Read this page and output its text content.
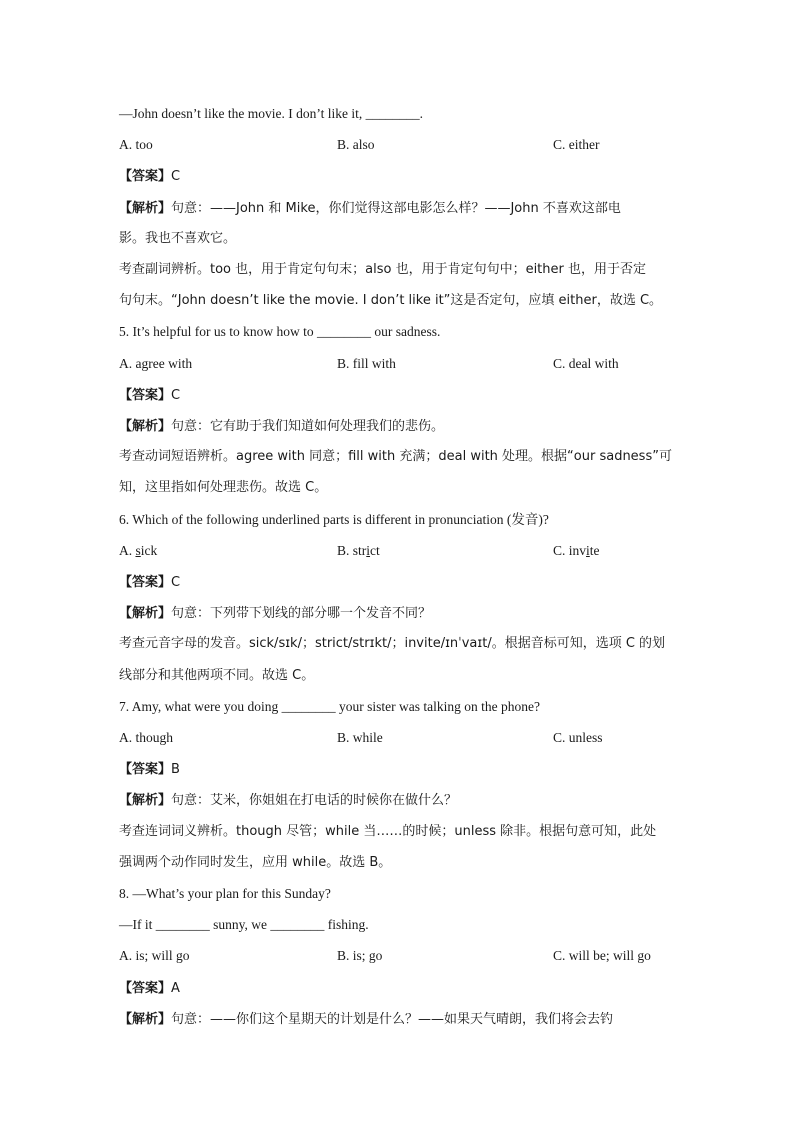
—John doesn’t like the movie. I don’t like it, ________.
A. too	B. also	C. either
【答案】C
【解析】句意：——John 和 Mike，你们觉得这部电影怎么样？——John 不喜欢这部电
影。我也不喜欢它。
考查副词辨析。too 也，用于肯定句句末；also 也，用于肯定句句中；either 也，用于否定
句句末。“John doesn’t like the movie. I don’t like it”这是否定句，应填 either，故选 C。
5. It’s helpful for us to know how to ________ our sadness.
A. agree with	B. fill with	C. deal with
【答案】C
【解析】句意：它有助于我们知道如何处理我们的悲伤。
考查动词短语辨析。agree with 同意；fill with 充满；deal with 处理。根据“our sadness”可
知，这里指如何处理悲伤。故选 C。
6. Which of the following underlined parts is different in pronunciation (发音)?
A. sick	B. strict	C. invite
【答案】C
【解析】句意：下列带下划线的部分哪一个发音不同？
考查元音字母的发音。sick/sɪk/；strict/strɪkt/；invite/ɪnˈvaɪt/。根据音标可知，选项 C 的划
线部分和其他两项不同。故选 C。
7. Amy, what were you doing ________ your sister was talking on the phone?
A. though	B. while	C. unless
【答案】B
【解析】句意：艾米，你姐姐在打电话的时候你在做什么？
考查连词词义辨析。though 尽管；while 当……的时候；unless 除非。根据句意可知，此处
强调两个动作同时发生，应用 while。故选 B。
8. —What’s your plan for this Sunday?
—If it ________ sunny, we ________ fishing.
A. is; will go	B. is; go	C. will be; will go
【答案】A
【解析】句意：——你们这个星期天的计划是什么？——如果天气晴朗，我们将会去钓
